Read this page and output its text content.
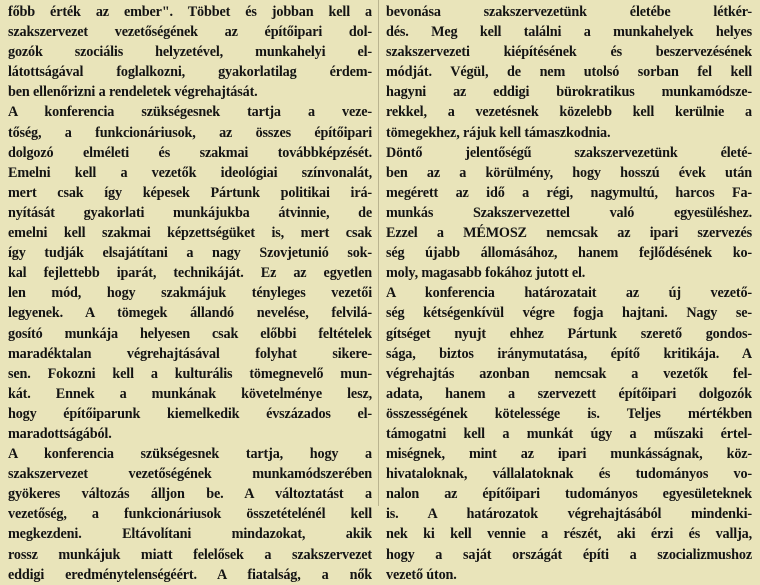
főbb érték az ember". Többet és jobban kell a
szakszervezet vezetőségének az építőipari dol-
gozók szociális helyzetével, munkahelyi el-
látottságával foglalkozni, gyakorlatilag érdem-
ben ellenőrizni a rendeletek végrehajtását.
A konferencia szükségesnek tartja a veze-
tőség, a funkcionáriusok, az összes építőipari
dolgozó elméleti és szakmai továbbképzését.
Emelni kell a vezetők ideológiai színvonalát,
mert csak így képesek Pártunk politikai irá-
nyítását gyakorlati munkájukba átvinnie, de
emelni kell szakmai képzettségüket is, mert csak
így tudják elsajátítani a nagy Szovjetunió sok-
kal fejlettebb iparát, technikáját. Ez az egyetlen
len mód, hogy szakmájuk tényleges vezetői
legyenek. A tömegek állandó nevelése, felvilá-
gosító munkája helyesen csak előbbi feltételek
maradéktalan végrehajtásával folyhat sikere-
sen. Fokozni kell a kulturális tömegnevelő mun-
kát. Ennek a munkának követelménye lesz,
hogy építőiparunk kiemelkedik évszázados el-
maradottságából.
A konferencia szükségesnek tartja, hogy a
szakszervezet vezetőségének munkamódszerében
gyökeres változás álljon be. A változtatást a
vezetőség, a funkcionáriusok összetételénél kell
megkezdeni. Eltávolítani mindazokat, akik
rossz munkájuk miatt felelősek a szakszervezet
eddigi eredménytelenségéért. A fiatalság, a nők
bevonása szakszervezetünk életébe létkér-
dés. Meg kell találni a munkahelyek helyes
szakszervezeti kiépítésének és beszervezésének
módját. Végül, de nem utolsó sorban fel kell
hagyni az eddigi bürokratikus munkamódsze-
rekkel, a vezetésnek közelebb kell kerülnie a
tömegekhez, rájuk kell támaszkodnia.
Döntő jelentőségű szakszervezetünk életé-
ben az a körülmény, hogy hosszú évek után
megérett az idő a régi, nagymultú, harcos Fa-
munkás Szakszervezettel való egyesüléshez.
Ezzel a MÉMOSZ nemcsak az ipari szervezés
ség újabb állomásához, hanem fejlődésének ko-
moly, magasabb fokához jutott el.
A konferencia határozatait az új vezető-
ség kétségenkívül végre fogja hajtani. Nagy se-
gítséget nyujt ehhez Pártunk szerető gondos-
sága, biztos iránymutatása, építő kritikája. A
végrehajtás azonban nemcsak a vezetők fel-
adata, hanem a szervezett építőipari dolgozók
összességének kötelessége is. Teljes mértékben
támogatni kell a munkát úgy a műszaki értel-
miségnek, mint az ipari munkásságnak, köz-
hivataloknak, vállalatoknak és tudományos vo-
nalon az építőipari tudományos egyesületeknek
is. A határozatok végrehajtásából mindenki-
nek ki kell vennie a részét, aki érzi és vallja,
hogy a saját országát építi a szocializmushoz
vezető úton.
